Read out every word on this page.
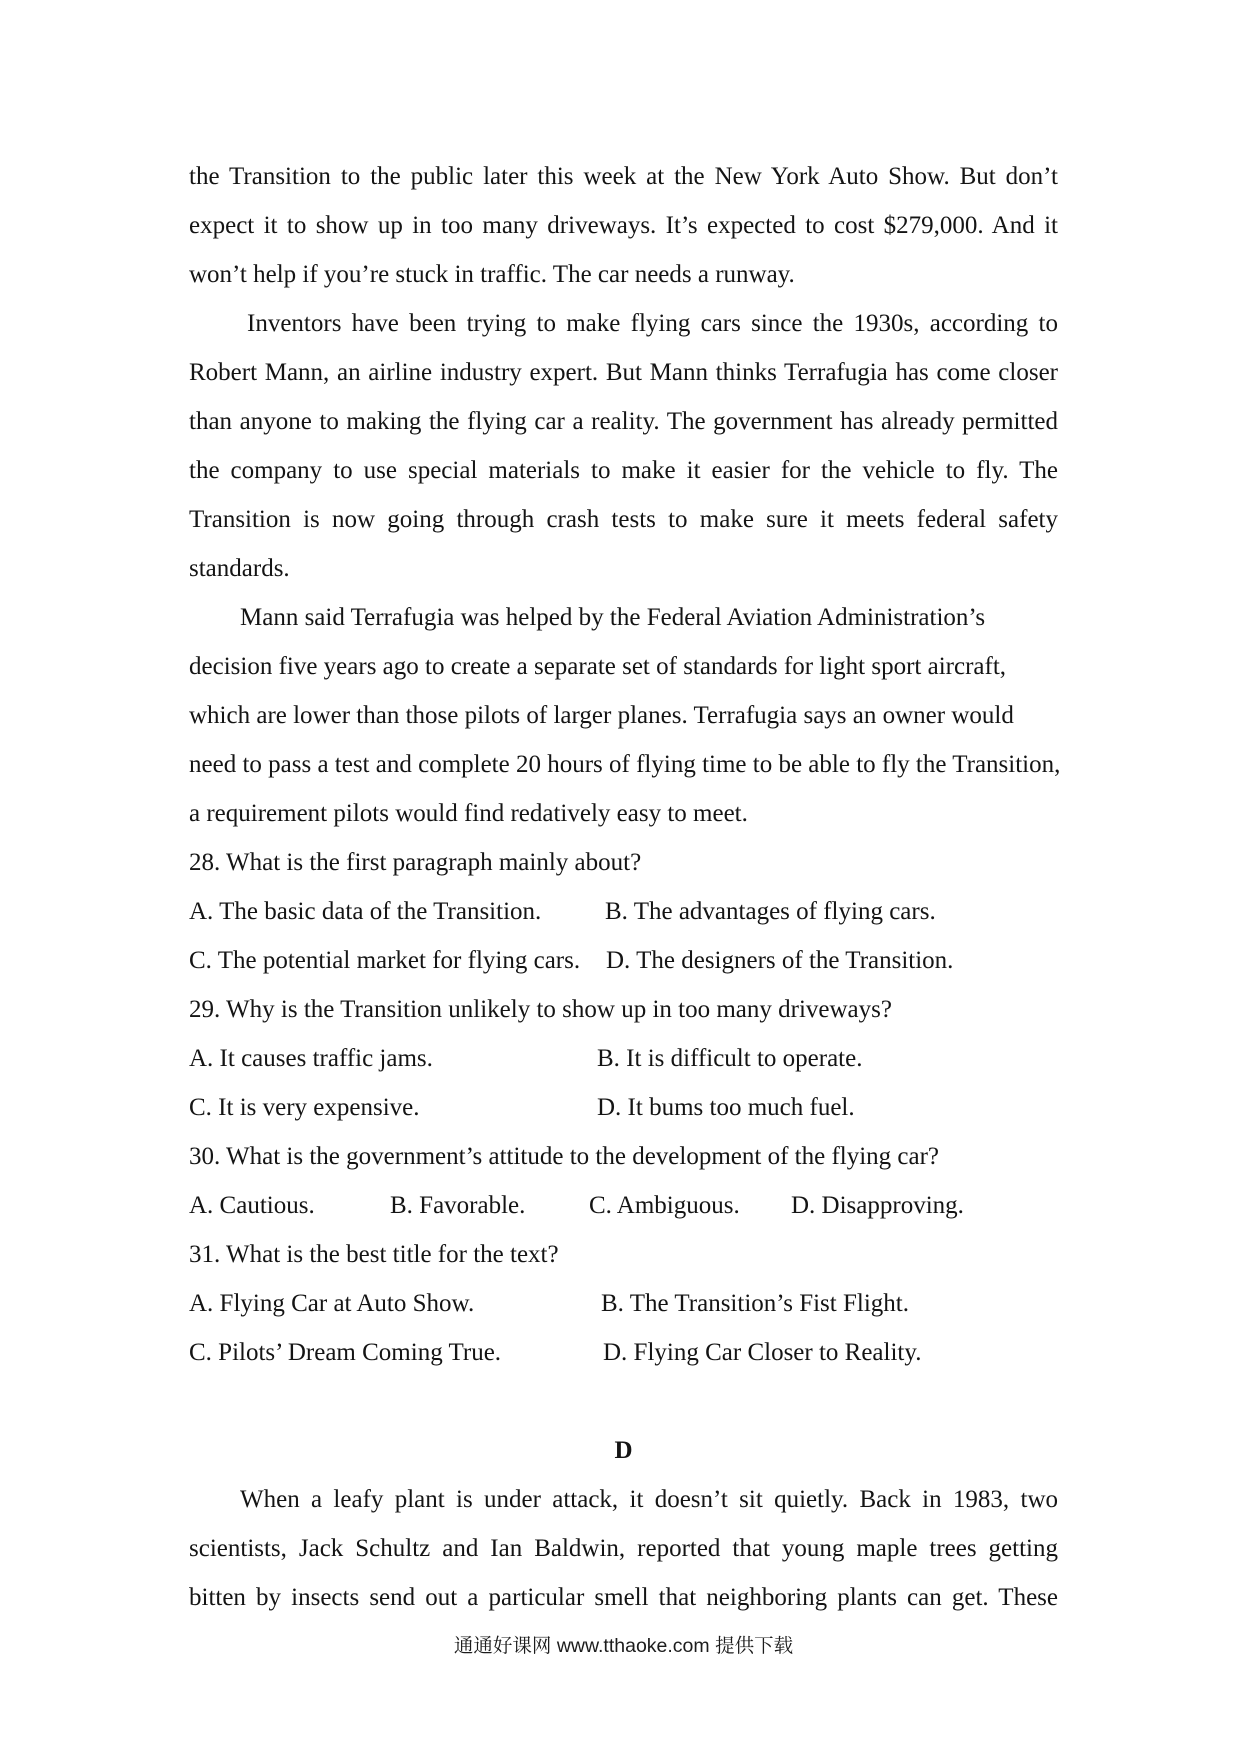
the Transition to the public later this week at the New York Auto Show. But don’t
expect it to show up in too many driveways. It’s expected to cost $279,000. And it
won’t help if you’re stuck in traffic. The car needs a runway.
Inventors have been trying to make flying cars since the 1930s, according to
Robert Mann, an airline industry expert. But Mann thinks Terrafugia has come closer
than anyone to making the flying car a reality. The government has already permitted
the company to use special materials to make it easier for the vehicle to fly. The
Transition is now going through crash tests to make sure it meets federal safety
standards.
Mann said Terrafugia was helped by the Federal Aviation Administration’s
decision five years ago to create a separate set of standards for light sport aircraft,
which are lower than those pilots of larger planes. Terrafugia says an owner would
need to pass a test and complete 20 hours of flying time to be able to fly the Transition,
a requirement pilots would find redatively easy to meet.
28. What is the first paragraph mainly about?
A. The basic data of the Transition.	B. The advantages of flying cars.
C. The potential market for flying cars. D. The designers of the Transition.
29. Why is the Transition unlikely to show up in too many driveways?
A. It causes traffic jams.	B. It is difficult to operate.
C. It is very expensive.	D. It bums too much fuel.
30. What is the government’s attitude to the development of the flying car?
A. Cautious.	B. Favorable.	C. Ambiguous. D. Disapproving.
31. What is the best title for the text?
A. Flying Car at Auto Show.	B. The Transition’s Fist Flight.
C. Pilots’ Dream Coming True.	D. Flying Car Closer to Reality.
D
When a leafy plant is under attack, it doesn’t sit quietly. Back in 1983, two
scientists, Jack Schultz and Ian Baldwin, reported that young maple trees getting
bitten by insects send out a particular smell that neighboring plants can get. These
通通好课网 www.tthaoke.com 提供下载
